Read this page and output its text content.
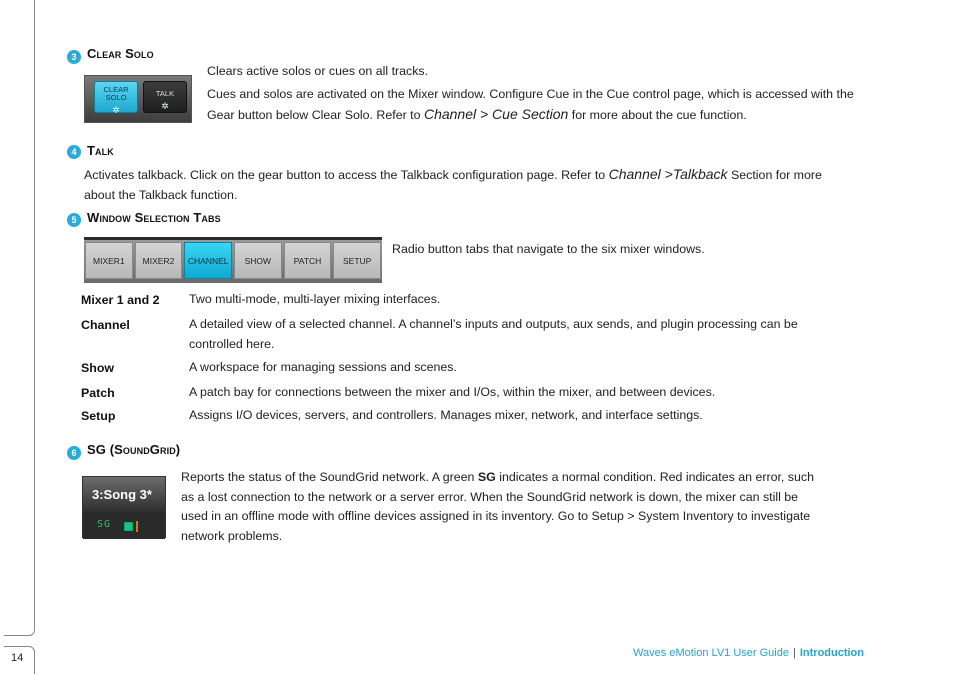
14
3 Clear Solo
CLEAR
SOLO
✲
TALK
✲
Clears active solos or cues on all tracks.
Cues and solos are activated on the Mixer window. Configure Cue in the Cue control page, which is accessed with the
Gear button below Clear Solo. Refer to Channel > Cue Section for more about the cue function.
4 Talk
Activates talkback. Click on the gear button to access the Talkback configuration page. Refer to Channel >Talkback Section for more
about the Talkback function.
5 Window Selection Tabs
MIXER1	MIXER2	CHANNEL	SHOW	PATCH	SETUP
Radio button tabs that navigate to the six mixer windows.
Mixer 1 and 2 Two multi-mode, multi-layer mixing interfaces.
Channel	A detailed view of a selected channel. A channel’s inputs and outputs, aux sends, and plugin processing can be
controlled here.
Show	A workspace for managing sessions and scenes.
Patch	A patch bay for connections between the mixer and I/Os, within the mixer, and between devices.
Setup	Assigns I/O devices, servers, and controllers. Manages mixer, network, and interface settings.
6 SG (SoundGrid)
3:Song 3*
SG
Reports the status of the SoundGrid network. A green SG indicates a normal condition. Red indicates an error, such
as a lost connection to the network or a server error. When the SoundGrid network is down, the mixer can still be
used in an offline mode with offline devices assigned in its inventory. Go to Setup > System Inventory to investigate
network problems.
Waves eMotion LV1 User Guide | Introduction
